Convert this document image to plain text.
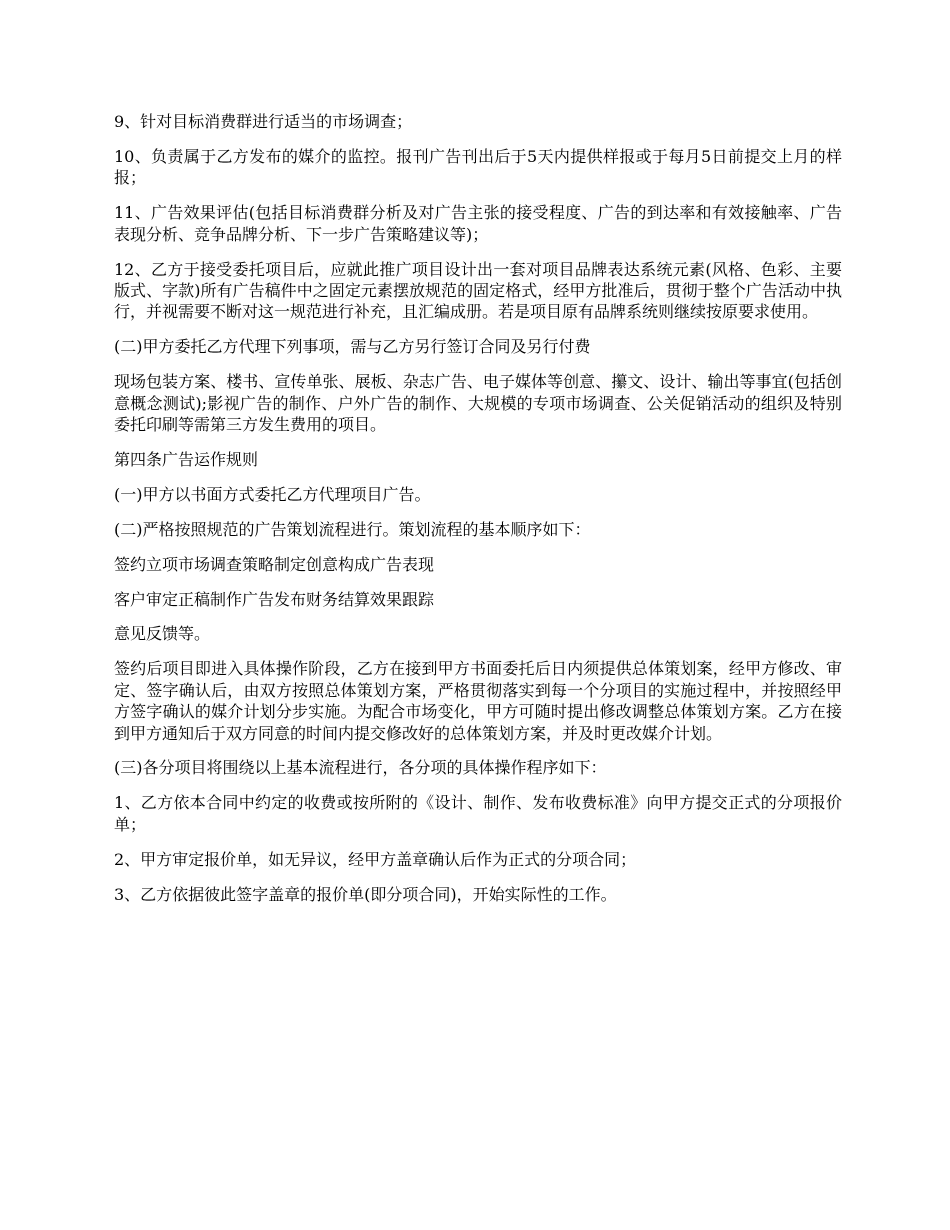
9、针对目标消费群进行适当的市场调查；

10、负责属于乙方发布的媒介的监控。报刊广告刊出后于5天内提供样报或于每月5日前提交上月的样报；

11、广告效果评估(包括目标消费群分析及对广告主张的接受程度、广告的到达率和有效接触率、广告表现分析、竞争品牌分析、下一步广告策略建议等)；

12、乙方于接受委托项目后，应就此推广项目设计出一套对项目品牌表达系统元素(风格、色彩、主要版式、字款)所有广告稿件中之固定元素摆放规范的固定格式，经甲方批准后，贯彻于整个广告活动中执行，并视需要不断对这一规范进行补充，且汇编成册。若是项目原有品牌系统则继续按原要求使用。

(二)甲方委托乙方代理下列事项，需与乙方另行签订合同及另行付费

现场包装方案、楼书、宣传单张、展板、杂志广告、电子媒体等创意、攥文、设计、输出等事宜(包括创意概念测试);影视广告的制作、户外广告的制作、大规模的专项市场调查、公关促销活动的组织及特别委托印刷等需第三方发生费用的项目。

第四条广告运作规则

(一)甲方以书面方式委托乙方代理项目广告。

(二)严格按照规范的广告策划流程进行。策划流程的基本顺序如下：

签约立项市场调查策略制定创意构成广告表现

客户审定正稿制作广告发布财务结算效果跟踪

意见反馈等。

签约后项目即进入具体操作阶段，乙方在接到甲方书面委托后日内须提供总体策划案，经甲方修改、审定、签字确认后，由双方按照总体策划方案，严格贯彻落实到每一个分项目的实施过程中，并按照经甲方签字确认的媒介计划分步实施。为配合市场变化，甲方可随时提出修改调整总体策划方案。乙方在接到甲方通知后于双方同意的时间内提交修改好的总体策划方案，并及时更改媒介计划。

(三)各分项目将围绕以上基本流程进行，各分项的具体操作程序如下：

1、乙方依本合同中约定的收费或按所附的《设计、制作、发布收费标准》向甲方提交正式的分项报价单；

2、甲方审定报价单，如无异议，经甲方盖章确认后作为正式的分项合同；

3、乙方依据彼此签字盖章的报价单(即分项合同)，开始实际性的工作。
